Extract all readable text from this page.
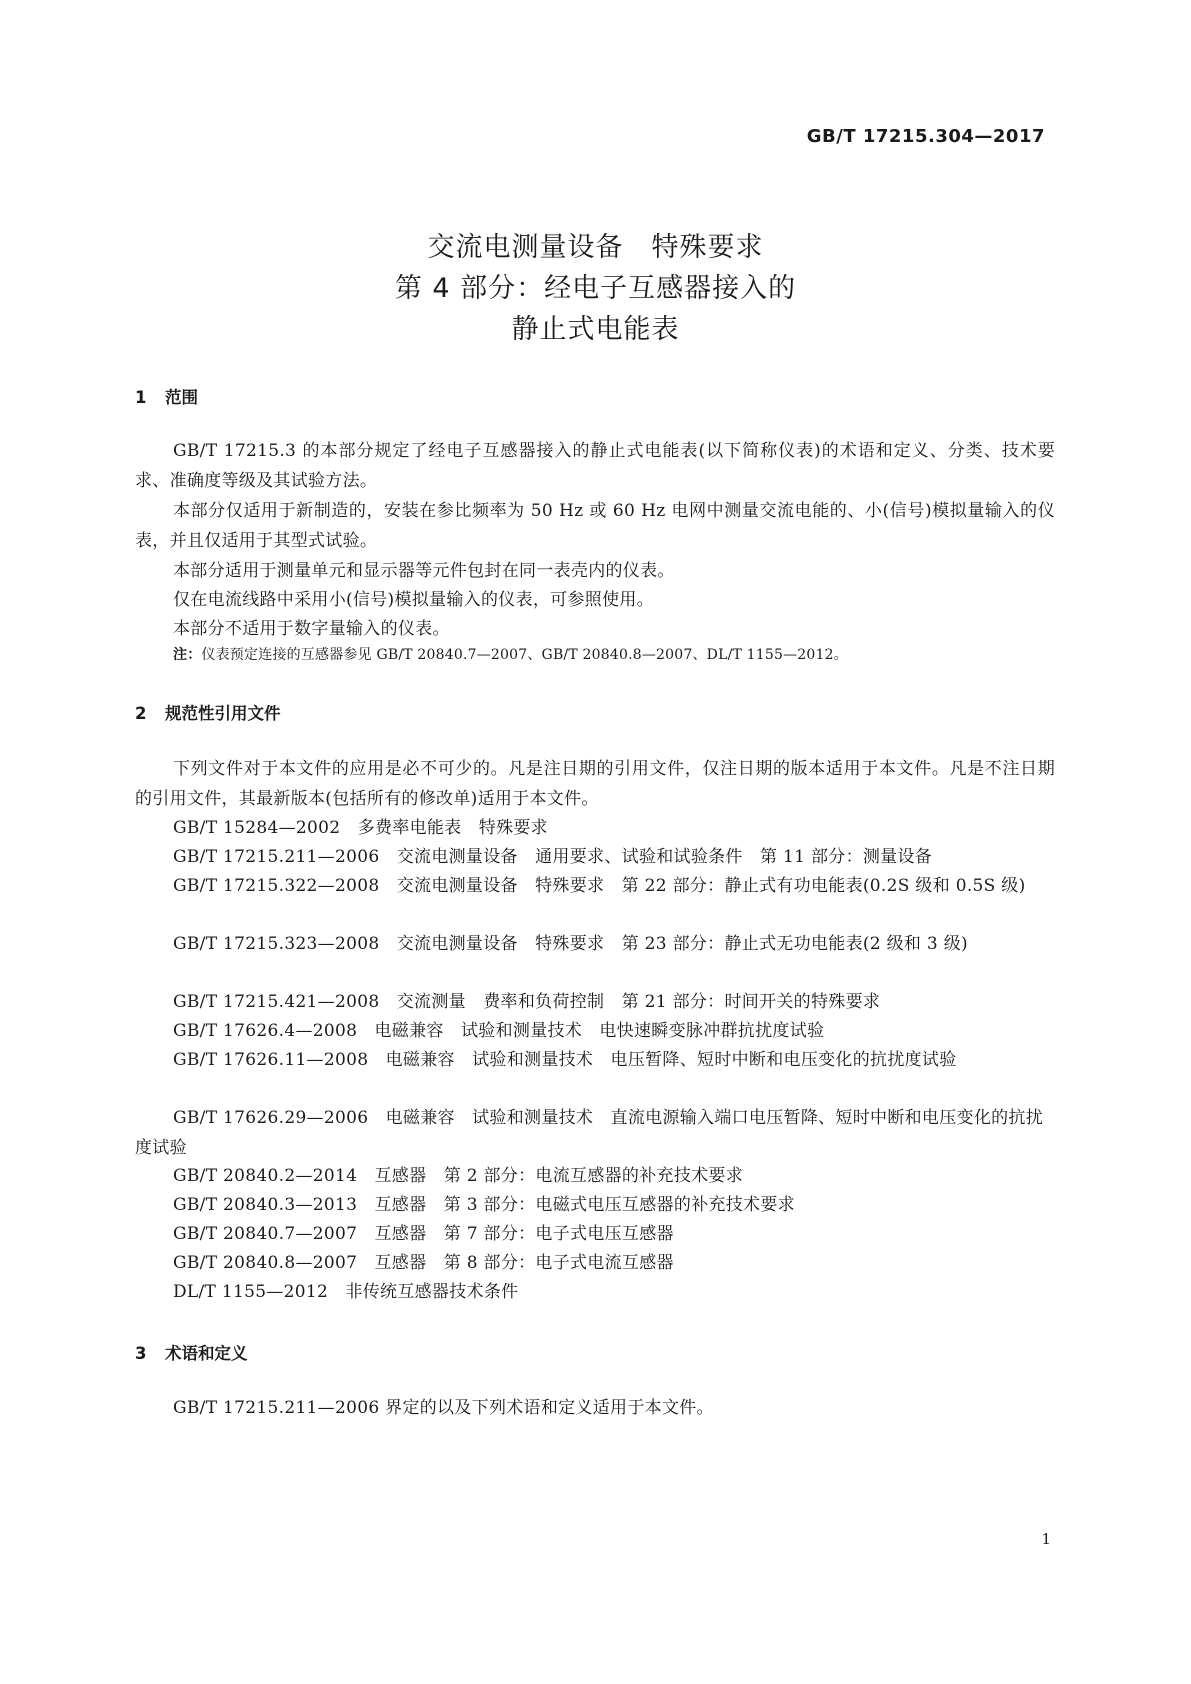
GB/T 17215.304—2017
交流电测量设备　特殊要求
第 4 部分：经电子互感器接入的
静止式电能表
1 范围
GB/T 17215.3 的本部分规定了经电子互感器接入的静止式电能表(以下简称仪表)的术语和定义、分类、技术要求、准确度等级及其试验方法。
本部分仅适用于新制造的，安装在参比频率为 50 Hz 或 60 Hz 电网中测量交流电能的、小(信号)模拟量输入的仪表，并且仅适用于其型式试验。
本部分适用于测量单元和显示器等元件包封在同一表壳内的仪表。
仅在电流线路中采用小(信号)模拟量输入的仪表，可参照使用。
本部分不适用于数字量输入的仪表。
注：仪表预定连接的互感器参见 GB/T 20840.7—2007、GB/T 20840.8—2007、DL/T 1155—2012。
2 规范性引用文件
下列文件对于本文件的应用是必不可少的。凡是注日期的引用文件，仅注日期的版本适用于本文件。凡是不注日期的引用文件，其最新版本(包括所有的修改单)适用于本文件。
GB/T 15284—2002　多费率电能表　特殊要求
GB/T 17215.211—2006　交流电测量设备　通用要求、试验和试验条件　第 11 部分：测量设备
GB/T 17215.322—2008　交流电测量设备　特殊要求　第 22 部分：静止式有功电能表(0.2S 级和 0.5S 级)
GB/T 17215.323—2008　交流电测量设备　特殊要求　第 23 部分：静止式无功电能表(2 级和 3 级)
GB/T 17215.421—2008　交流测量　费率和负荷控制　第 21 部分：时间开关的特殊要求
GB/T 17626.4—2008　电磁兼容　试验和测量技术　电快速瞬变脉冲群抗扰度试验
GB/T 17626.11—2008　电磁兼容　试验和测量技术　电压暂降、短时中断和电压变化的抗扰度试验
GB/T 17626.29—2006　电磁兼容　试验和测量技术　直流电源输入端口电压暂降、短时中断和电压变化的抗扰度试验
GB/T 20840.2—2014　互感器　第 2 部分：电流互感器的补充技术要求
GB/T 20840.3—2013　互感器　第 3 部分：电磁式电压互感器的补充技术要求
GB/T 20840.7—2007　互感器　第 7 部分：电子式电压互感器
GB/T 20840.8—2007　互感器　第 8 部分：电子式电流互感器
DL/T 1155—2012　非传统互感器技术条件
3 术语和定义
GB/T 17215.211—2006 界定的以及下列术语和定义适用于本文件。
1
